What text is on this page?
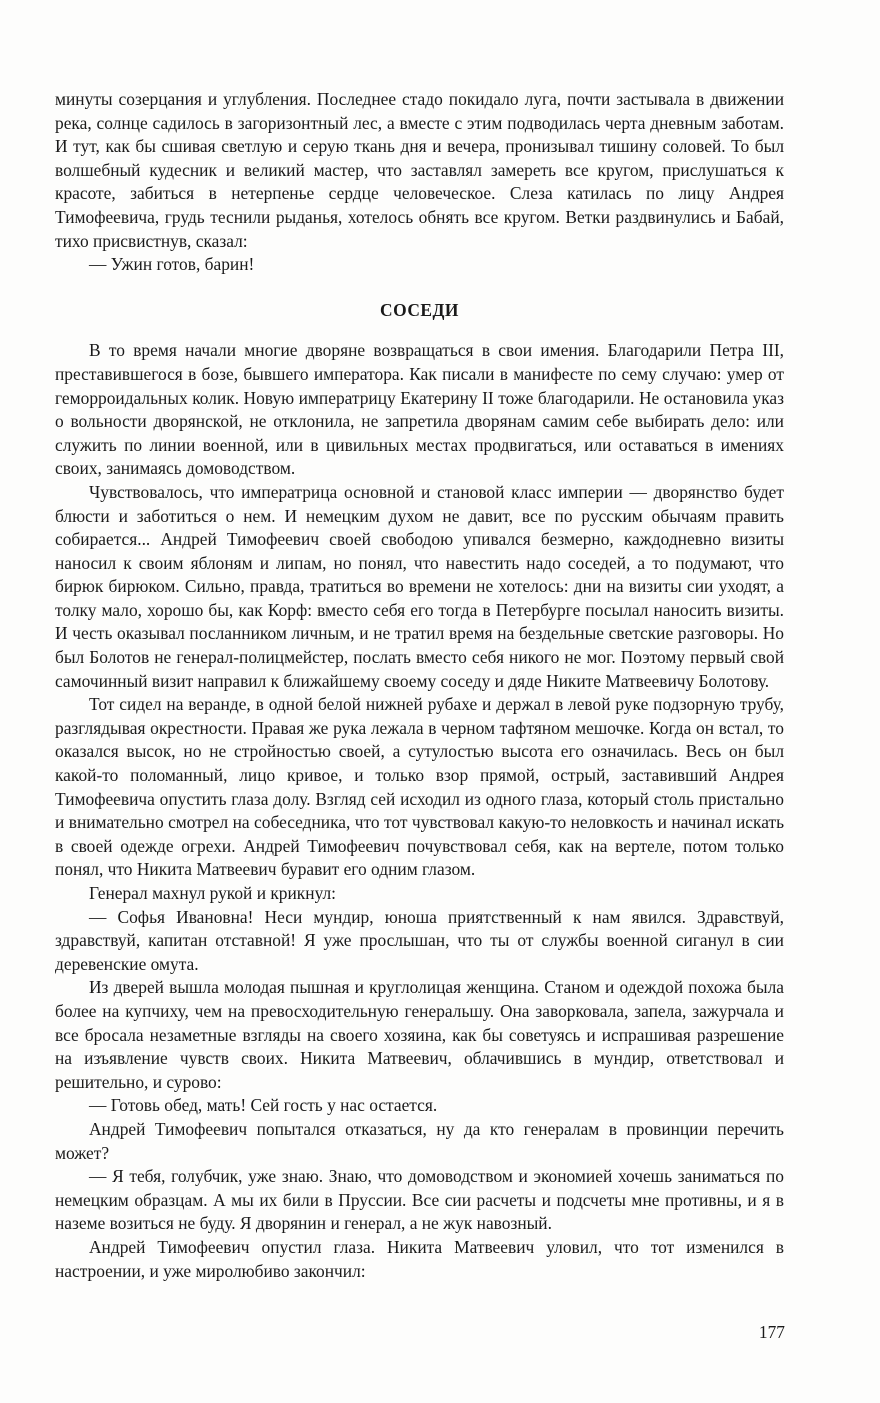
минуты созерцания и углубления. Последнее стадо покидало луга, почти застывала в движении река, солнце садилось в загоризонтный лес, а вместе с этим подводилась черта дневным заботам. И тут, как бы сшивая светлую и серую ткань дня и вечера, пронизывал тишину соловей. То был волшебный кудесник и великий мастер, что заставлял замереть все кругом, прислушаться к красоте, забиться в нетерпенье сердце человеческое. Слеза катилась по лицу Андрея Тимофеевича, грудь теснили рыданья, хотелось обнять все кругом. Ветки раздвинулись и Бабай, тихо присвистнув, сказал:

— Ужин готов, барин!

СОСЕДИ

В то время начали многие дворяне возвращаться в свои имения. Благодарили Петра III, преставившегося в бозе, бывшего императора. Как писали в манифесте по сему случаю: умер от геморроидальных колик. Новую императрицу Екатерину II тоже благодарили. Не остановила указ о вольности дворянской, не отклонила, не запретила дворянам самим себе выбирать дело: или служить по линии военной, или в цивильных местах продвигаться, или оставаться в имениях своих, занимаясь домоводством.

Чувствовалось, что императрица основной и становой класс империи — дворянство будет блюсти и заботиться о нем. И немецким духом не давит, все по русским обычаям править собирается... Андрей Тимофеевич своей свободою упивался безмерно, каждодневно визиты наносил к своим яблоням и липам, но понял, что навестить надо соседей, а то подумают, что бирюк бирюком. Сильно, правда, тратиться во времени не хотелось: дни на визиты сии уходят, а толку мало, хорошо бы, как Корф: вместо себя его тогда в Петербурге посылал наносить визиты. И честь оказывал посланником личным, и не тратил время на бездельные светские разговоры. Но был Болотов не генерал-полицмейстер, послать вместо себя никого не мог. Поэтому первый свой самочинный визит направил к ближайшему своему соседу и дяде Никите Матвеевичу Болотову.

Тот сидел на веранде, в одной белой нижней рубахе и держал в левой руке подзорную трубу, разглядывая окрестности. Правая же рука лежала в черном тафтяном мешочке. Когда он встал, то оказался высок, но не стройностью своей, а сутулостью высота его означилась. Весь он был какой-то поломанный, лицо кривое, и только взор прямой, острый, заставивший Андрея Тимофеевича опустить глаза долу. Взгляд сей исходил из одного глаза, который столь пристально и внимательно смотрел на собеседника, что тот чувствовал какую-то неловкость и начинал искать в своей одежде огрехи. Андрей Тимофеевич почувствовал себя, как на вертеле, потом только понял, что Никита Матвеевич буравит его одним глазом.

Генерал махнул рукой и крикнул:

— Софья Ивановна! Неси мундир, юноша приятственный к нам явился. Здравствуй, здравствуй, капитан отставной! Я уже прослышан, что ты от службы военной сиганул в сии деревенские омута.

Из дверей вышла молодая пышная и круглолицая женщина. Станом и одеждой похожа была более на купчиху, чем на превосходительную генеральшу. Она заворковала, запела, зажурчала и все бросала незаметные взгляды на своего хозяина, как бы советуясь и испрашивая разрешение на изъявление чувств своих. Никита Матвеевич, облачившись в мундир, ответствовал и решительно, и сурово:

— Готовь обед, мать! Сей гость у нас остается.

Андрей Тимофеевич попытался отказаться, ну да кто генералам в провинции перечить может?

— Я тебя, голубчик, уже знаю. Знаю, что домоводством и экономией хочешь заниматься по немецким образцам. А мы их били в Пруссии. Все сии расчеты и подсчеты мне противны, и я в наземе возиться не буду. Я дворянин и генерал, а не жук навозный.

Андрей Тимофеевич опустил глаза. Никита Матвеевич уловил, что тот изменился в настроении, и уже миролюбиво закончил:

177
